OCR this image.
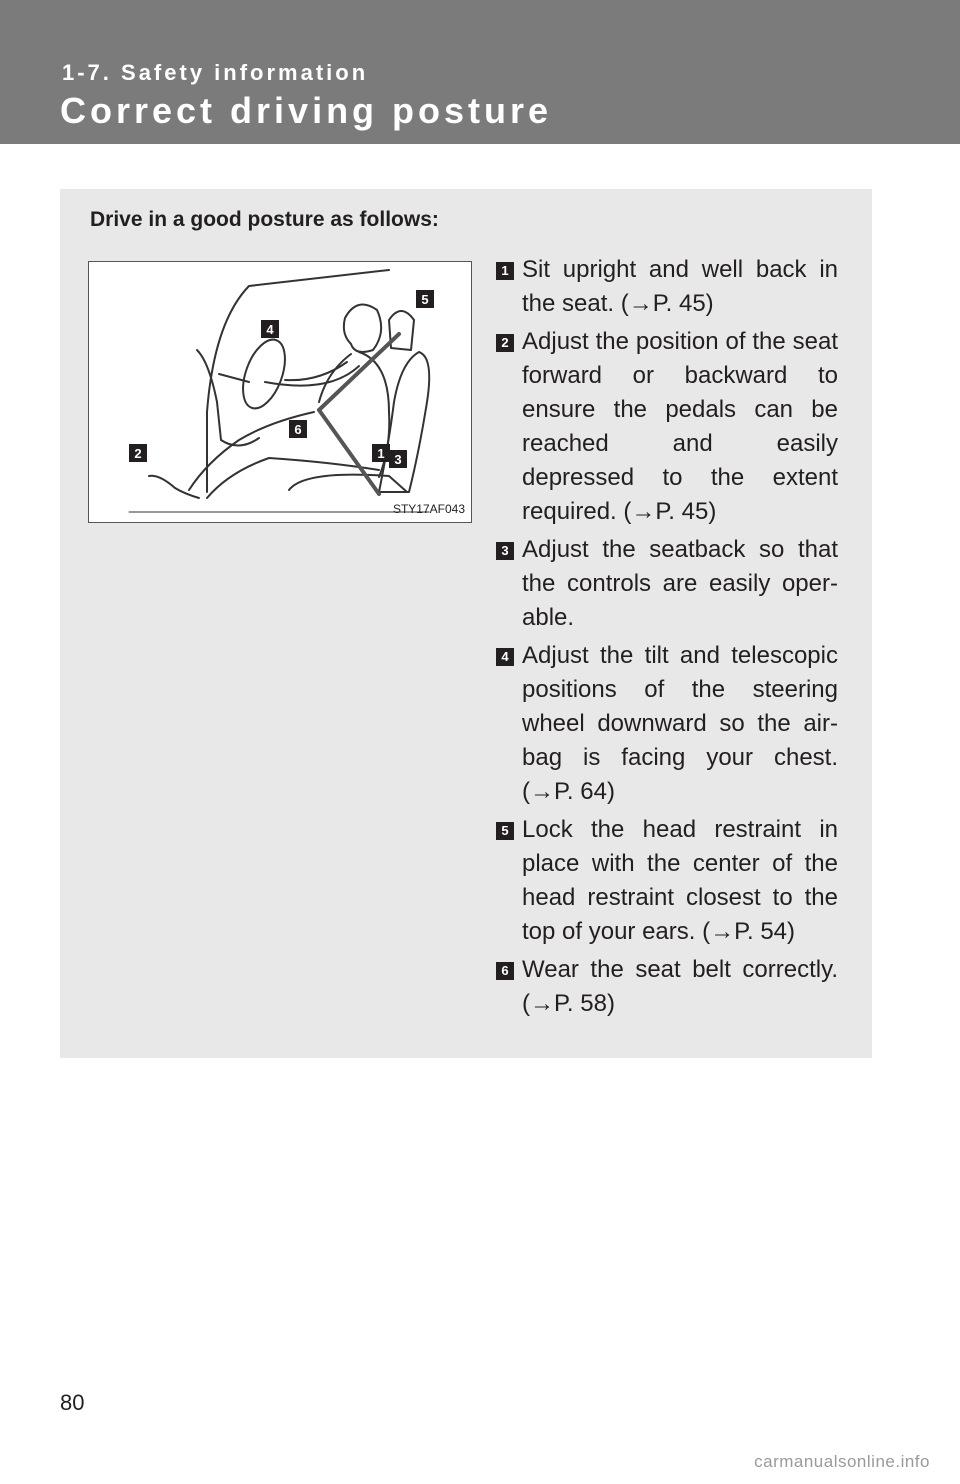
1-7. Safety information
Correct driving posture
Drive in a good posture as follows:
1
2	3
4
5
6
STY17AF043
1 Sit upright and well back in the seat. (→P. 45)
2 Adjust the position of the seat forward or backward to ensure the pedals can be reached and easily depressed to the extent required. (→P. 45)
3 Adjust the seatback so that the controls are easily oper-able.
4 Adjust the tilt and telescopic positions of the steering wheel downward so the air-bag is facing your chest. (→P. 64)
5 Lock the head restraint in place with the center of the head restraint closest to the top of your ears. (→P. 54)
6 Wear the seat belt correctly. (→P. 58)
80
carmanualsonline.info
